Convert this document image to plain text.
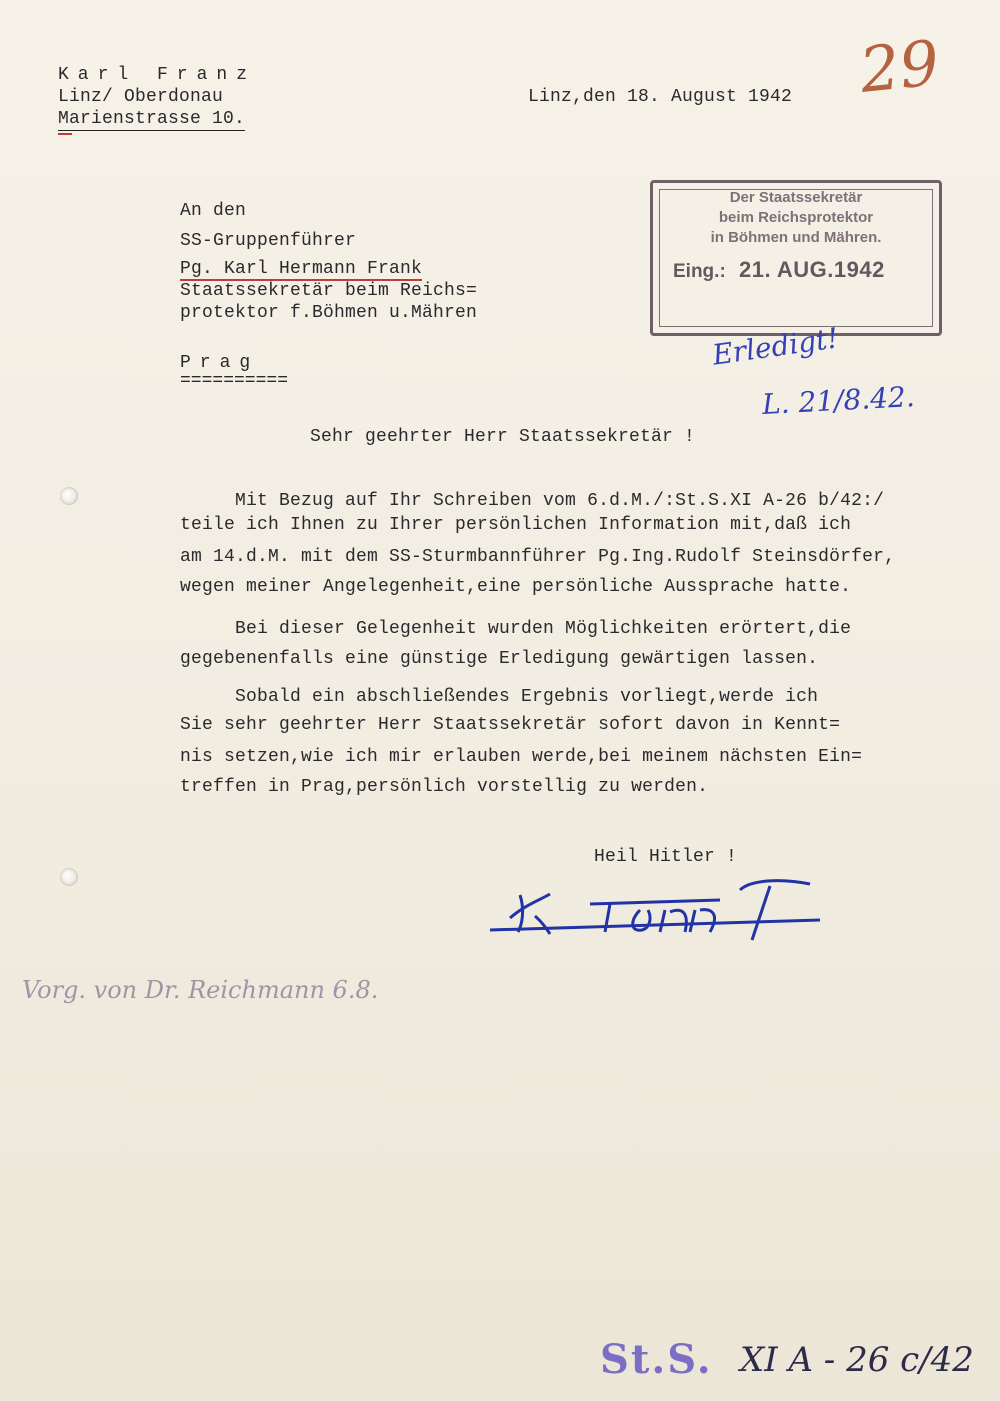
Karl Franz
Linz/ Oberdonau
Marienstrasse 10.
Linz,den 18. August 1942 29
Der Staatssekretär
beim Reichsprotektor
in Böhmen und Mähren.
Eing.: 21. AUG.1942
Erledigt!
L. 21/8.42.
An den
SS-Gruppenführer
Pg. Karl Hermann Frank
Staatssekretär beim Reichs=
protektor f.Böhmen u.Mähren
Prag
==========
Sehr geehrter Herr Staatssekretär !
Mit Bezug auf Ihr Schreiben vom 6.d.M./:St.S.XI A-26 b/42:/
teile ich Ihnen zu Ihrer persönlichen Information mit,daß ich
am 14.d.M. mit dem SS-Sturmbannführer Pg.Ing.Rudolf Steinsdörfer,
wegen meiner Angelegenheit,eine persönliche Aussprache hatte.
Bei dieser Gelegenheit wurden Möglichkeiten erörtert,die
gegebenenfalls eine günstige Erledigung gewärtigen lassen.
Sobald ein abschließendes Ergebnis vorliegt,werde ich
Sie sehr geehrter Herr Staatssekretär sofort davon in Kennt=
nis setzen,wie ich mir erlauben werde,bei meinem nächsten Ein=
treffen in Prag,persönlich vorstellig zu werden.
Heil Hitler !
Vorg. von Dr. Reichmann 6.8.
St.S. XI A - 26 c/42
